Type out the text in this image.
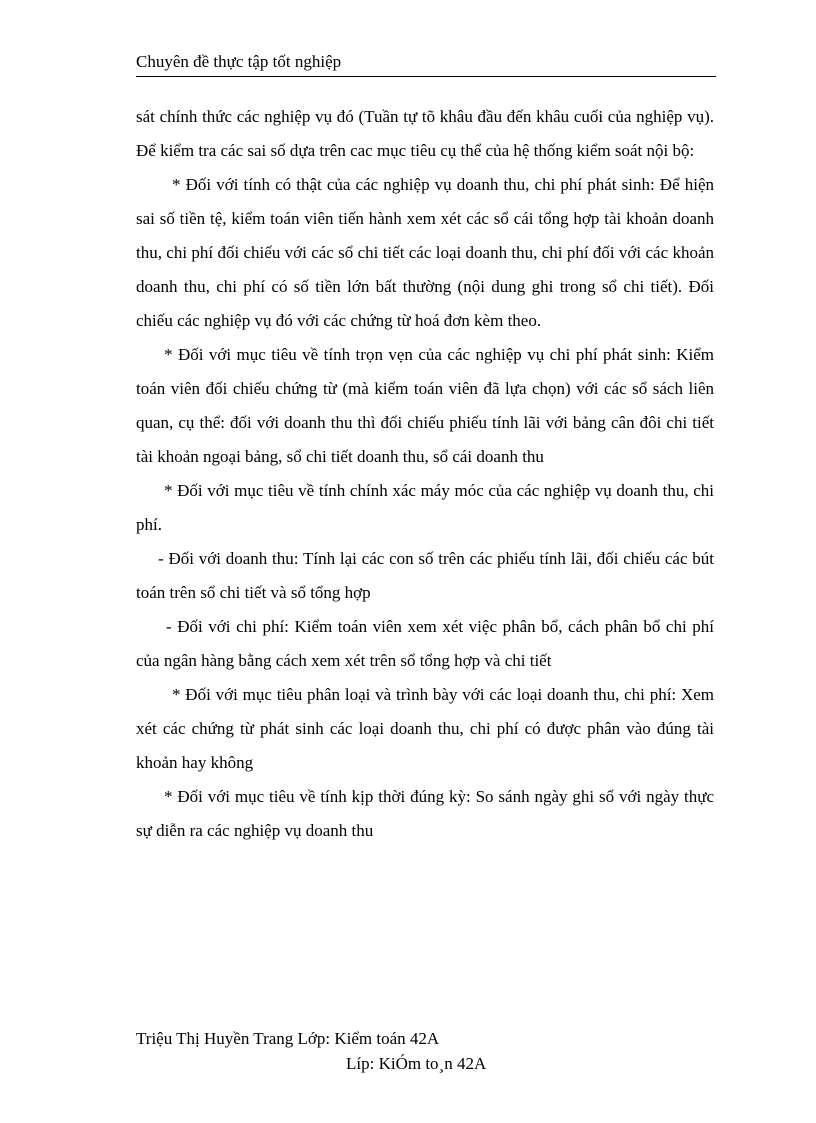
Chuyên đề thực tập tốt nghiệp

sát chính thức các nghiệp vụ đó (Tuần tự tõ khâu đầu đến khâu cuối của nghiệp vụ). Để kiểm tra các sai số dựa trên cac mục tiêu cụ thể của hệ thống kiểm soát nội bộ:

* Đối với tính có thật của các nghiệp vụ doanh thu, chi phí phát sinh: Để hiện sai số tiền tệ, kiểm toán viên tiến hành xem xét các sổ cái tổng hợp tài khoản doanh thu, chi phí đối chiếu với các sổ chi tiết các loại doanh thu, chi phí đối với các khoản doanh thu, chi phí có số tiền lớn bất thường (nội dung ghi trong sổ chi tiết). Đối chiếu các nghiệp vụ đó với các chứng từ hoá đơn kèm theo.

* Đối với mục tiêu về tính trọn vẹn của các nghiệp vụ chi phí phát sinh: Kiểm toán viên đối chiếu chứng từ (mà kiểm toán viên đã lựa chọn) với các sổ sách liên quan, cụ thể: đối với doanh thu thì đối chiếu phiếu tính lãi với bảng cân đôi chi tiết tài khoản ngoại bảng, sổ chi tiết doanh thu, sổ cái doanh thu

* Đối với mục tiêu về tính chính xác máy móc của các nghiệp vụ doanh thu, chi phí.

- Đối với doanh thu: Tính lại các con số trên các phiếu tính lãi, đối chiếu các bút toán trên sổ chi tiết và sổ tổng hợp

- Đối với chi phí: Kiểm toán viên xem xét việc phân bổ, cách phân bổ chi phí của ngân hàng bằng cách xem xét trên sổ tổng hợp và chi tiết

* Đối với mục tiêu phân loại và trình bày với các loại doanh thu, chi phí: Xem xét các chứng từ phát sinh các loại doanh thu, chi phí có được phân vào đúng tài khoản hay không

* Đối với mục tiêu về tính kịp thời đúng kỳ: So sánh ngày ghi sổ với ngày thực sự diễn ra các nghiệp vụ doanh thu

Triệu Thị Huyền Trang Lớp: Kiểm toán 42A
Líp: KiÓm to¸n 42A
